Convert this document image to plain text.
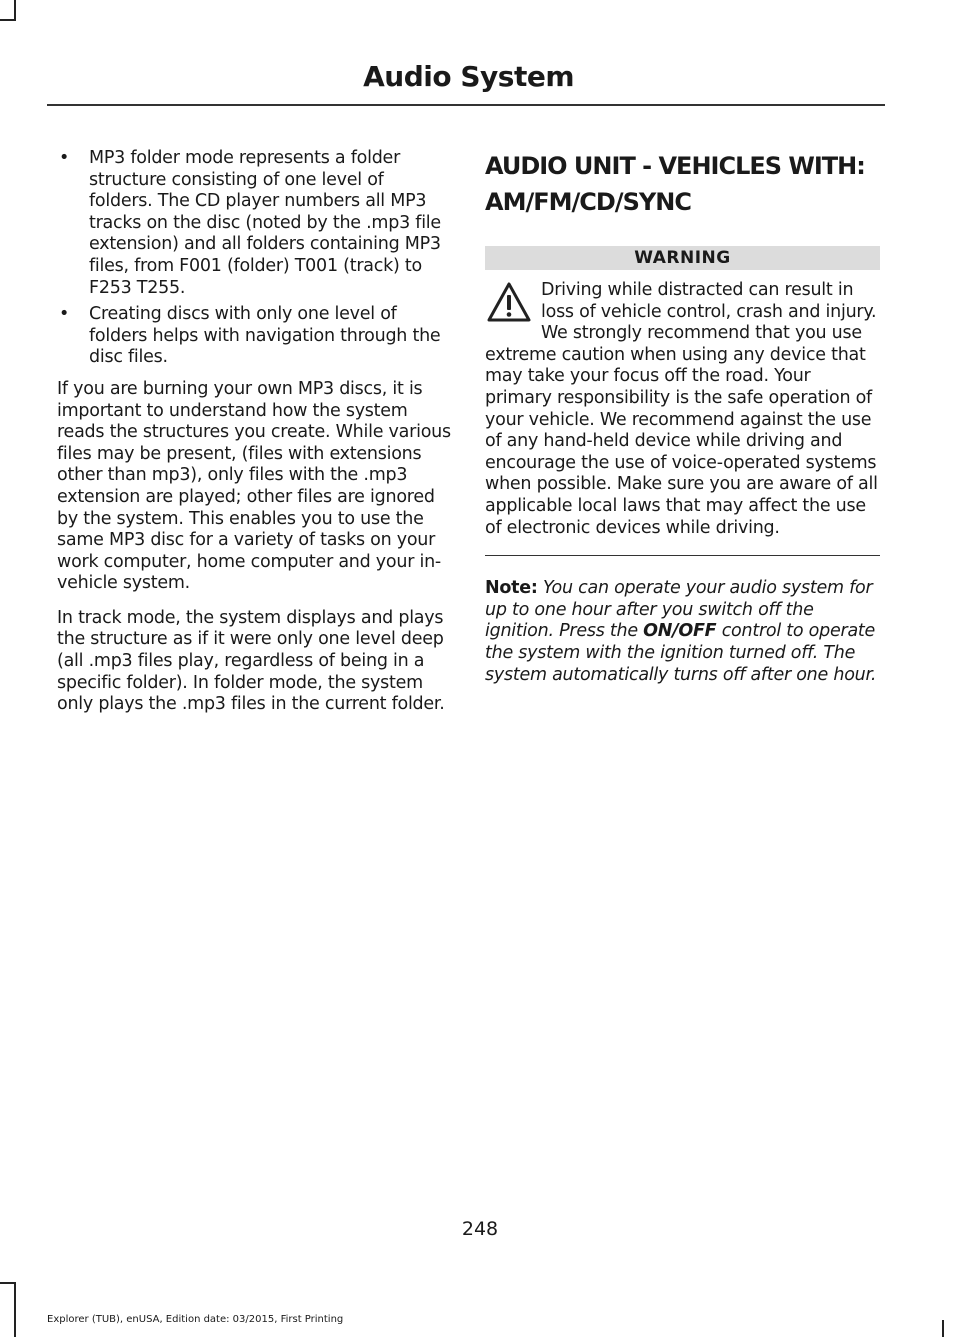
Audio System
• MP3 folder mode represents a folder structure consisting of one level of folders. The CD player numbers all MP3 tracks on the disc (noted by the .mp3 file extension) and all folders containing MP3 files, from F001 (folder) T001 (track) to F253 T255.
• Creating discs with only one level of folders helps with navigation through the disc files.

If you are burning your own MP3 discs, it is important to understand how the system reads the structures you create. While various files may be present, (files with extensions other than mp3), only files with the .mp3 extension are played; other files are ignored by the system. This enables you to use the same MP3 disc for a variety of tasks on your work computer, home computer and your in-vehicle system.

In track mode, the system displays and plays the structure as if it were only one level deep (all .mp3 files play, regardless of being in a specific folder). In folder mode, the system only plays the .mp3 files in the current folder.

AUDIO UNIT - VEHICLES WITH:
AM/FM/CD/SYNC
WARNING

Driving while distracted can result in loss of vehicle control, crash and injury. We strongly recommend that you use extreme caution when using any device that may take your focus off the road. Your primary responsibility is the safe operation of your vehicle. We recommend against the use of any hand-held device while driving and encourage the use of voice-operated systems when possible. Make sure you are aware of all applicable local laws that may affect the use of electronic devices while driving.

Note: You can operate your audio system for up to one hour after you switch off the ignition. Press the ON/OFF control to operate the system with the ignition turned off. The system automatically turns off after one hour.

248
Explorer (TUB), enUSA, Edition date: 03/2015, First Printing
